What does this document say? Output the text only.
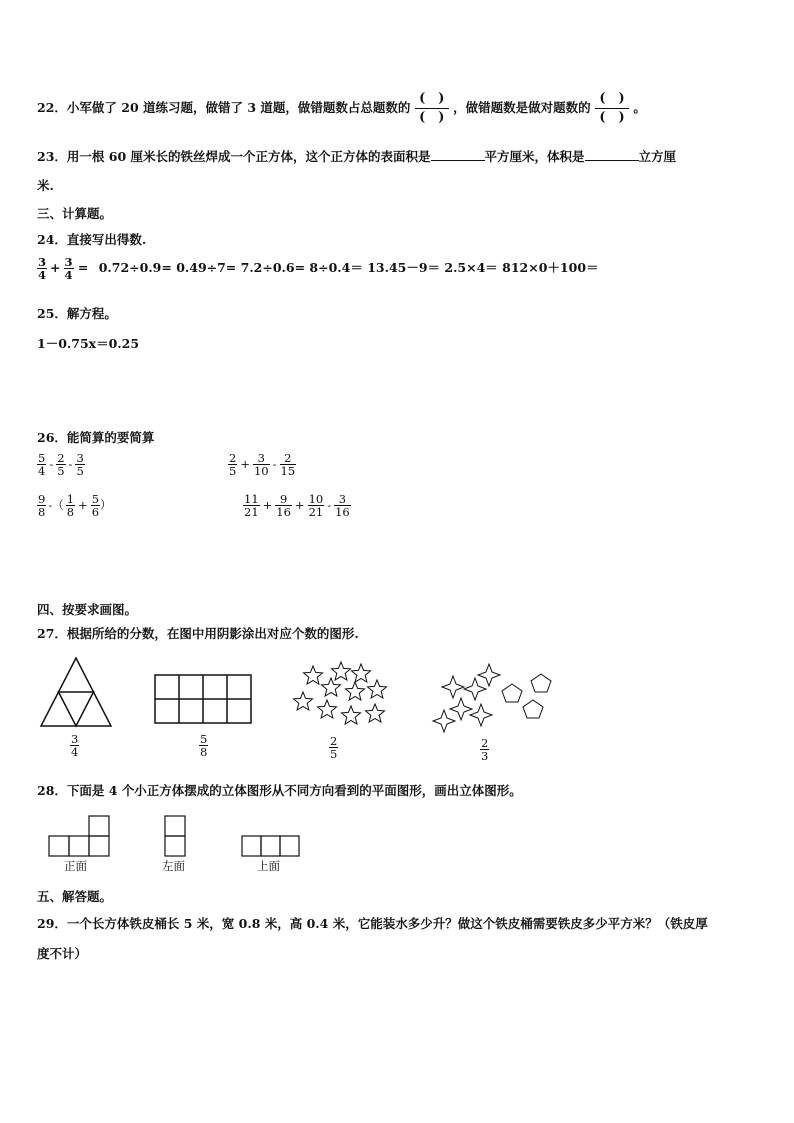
22．小军做了 20 道练习题，做错了 3 道题，做错题数占总题数的
(　)
(　)
，做错题数是做对题数的
(　)
(　)
。
23．用一根 60 厘米长的铁丝焊成一个正方体，这个正方体的表面积是	平方厘米，体积是	立方厘
米.
三、计算题。
24．直接写出得数.
$\frac{3}{4} + \frac{3}{4} = 0.72\div 0.9= 0.49\div 7= 7.2\div 0.6= 8\div 0.4= 13.45-9= 2.5\times 4= 812\times 0+100=$
25．解方程。
1－0.75x＝0.25
26．能简算的要简算
$\frac{5}{4} - \frac{2}{5} - \frac{3}{5}$	$\frac{2}{5} + \frac{3}{10} - \frac{2}{15}$
$\frac{9}{8}$ -（ $\frac{1}{8} + \frac{5}{6}$ ）	$\frac{11}{21} + \frac{9}{16} + \frac{10}{21} - \frac{3}{16}$
四、按要求画图。
27．根据所给的分数，在图中用阴影涂出对应个数的图形.
$\frac{3}{4}$	$\frac{5}{8}$	$\frac{2}{5}$	$\frac{2}{3}$
28．下面是 4 个小正方体摆成的立体图形从不同方向看到的平面图形，画出立体图形。
正面	左面	上面
五、解答题。
29．一个长方体铁皮桶长 5 米，宽 0.8 米，高 0.4 米，它能装水多少升？做这个铁皮桶需要铁皮多少平方米？（铁皮厚
度不计）
